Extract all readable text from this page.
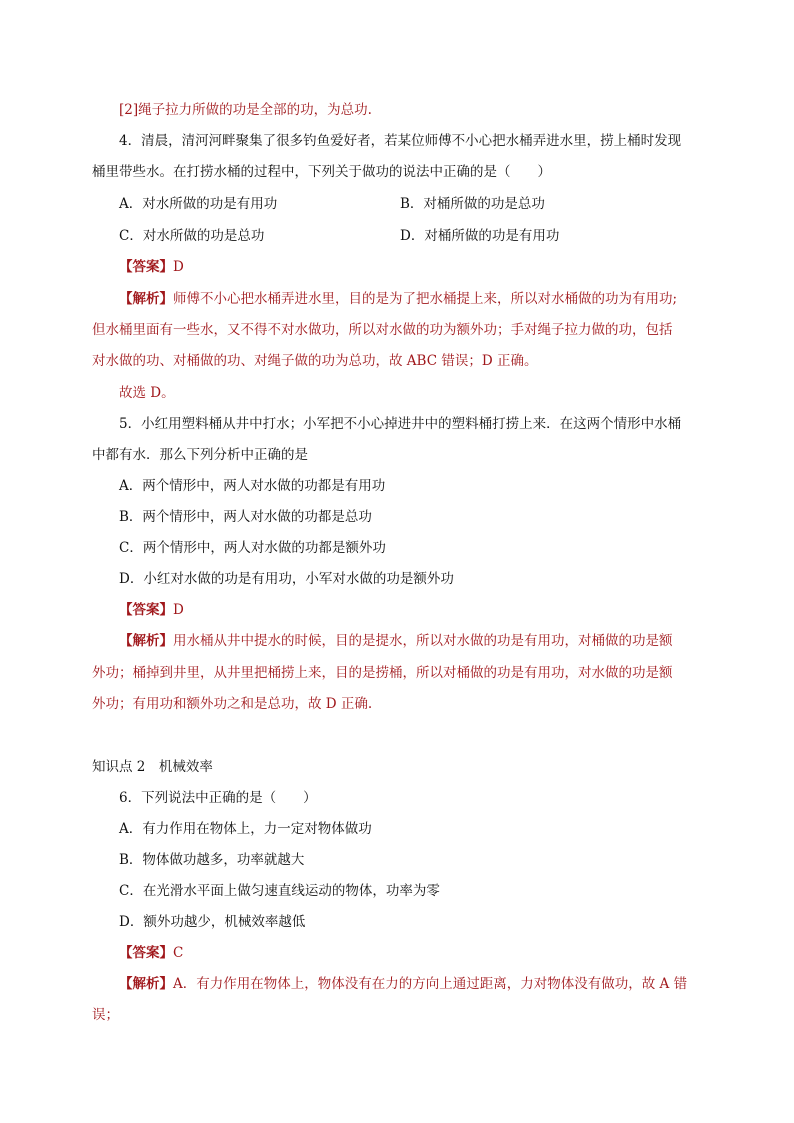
[2]绳子拉力所做的功是全部的功，为总功.
4．清晨，清河河畔聚集了很多钓鱼爱好者，若某位师傅不小心把水桶弄进水里，捞上桶时发现
桶里带些水。在打捞水桶的过程中，下列关于做功的说法中正确的是（　　）
A．对水所做的功是有用功	B．对桶所做的功是总功
C．对水所做的功是总功	D．对桶所做的功是有用功
【答案】D
【解析】师傅不小心把水桶弄进水里，目的是为了把水桶提上来，所以对水桶做的功为有用功;
但水桶里面有一些水，又不得不对水做功，所以对水做的功为额外功；手对绳子拉力做的功，包括
对水做的功、对桶做的功、对绳子做的功为总功，故 ABC 错误；D 正确。
故选 D。
5．小红用塑料桶从井中打水；小军把不小心掉进井中的塑料桶打捞上来．在这两个情形中水桶
中都有水．那么下列分析中正确的是
A．两个情形中，两人对水做的功都是有用功
B．两个情形中，两人对水做的功都是总功
C．两个情形中，两人对水做的功都是额外功
D．小红对水做的功是有用功，小军对水做的功是额外功
【答案】D
【解析】用水桶从井中提水的时候，目的是提水，所以对水做的功是有用功，对桶做的功是额
外功；桶掉到井里，从井里把桶捞上来，目的是捞桶，所以对桶做的功是有用功，对水做的功是额
外功；有用功和额外功之和是总功，故 D 正确.
知识点 2　机械效率
6．下列说法中正确的是（　　）
A．有力作用在物体上，力一定对物体做功
B．物体做功越多，功率就越大
C．在光滑水平面上做匀速直线运动的物体，功率为零
D．额外功越少，机械效率越低
【答案】C
【解析】A．有力作用在物体上，物体没有在力的方向上通过距离，力对物体没有做功，故 A 错
误；
